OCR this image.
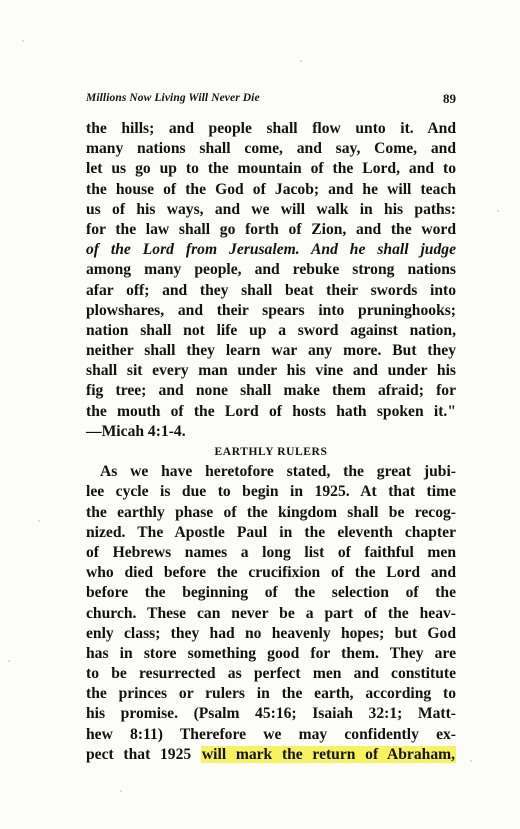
Millions Now Living Will Never Die	89
the hills; and people shall flow unto it. And
many nations shall come, and say, Come, and
let us go up to the mountain of the Lord, and to
the house of the God of Jacob; and he will teach
us of his ways, and we will walk in his paths:
for the law shall go forth of Zion, and the word
of the Lord from Jerusalem. And he shall judge
among many people, and rebuke strong nations
afar off; and they shall beat their swords into
plowshares, and their spears into pruninghooks;
nation shall not life up a sword against nation,
neither shall they learn war any more. But they
shall sit every man under his vine and under his
fig tree; and none shall make them afraid; for
the mouth of the Lord of hosts hath spoken it."
—Micah 4:1-4.
EARTHLY RULERS
As we have heretofore stated, the great jubi-
lee cycle is due to begin in 1925. At that time
the earthly phase of the kingdom shall be recog-
nized. The Apostle Paul in the eleventh chapter
of Hebrews names a long list of faithful men
who died before the crucifixion of the Lord and
before the beginning of the selection of the
church. These can never be a part of the heav-
enly class; they had no heavenly hopes; but God
has in store something good for them. They are
to be resurrected as perfect men and constitute
the princes or rulers in the earth, according to
his promise. (Psalm 45:16; Isaiah 32:1; Matt-
hew 8:11) Therefore we may confidently ex-
pect that 1925 will mark the return of Abraham,
